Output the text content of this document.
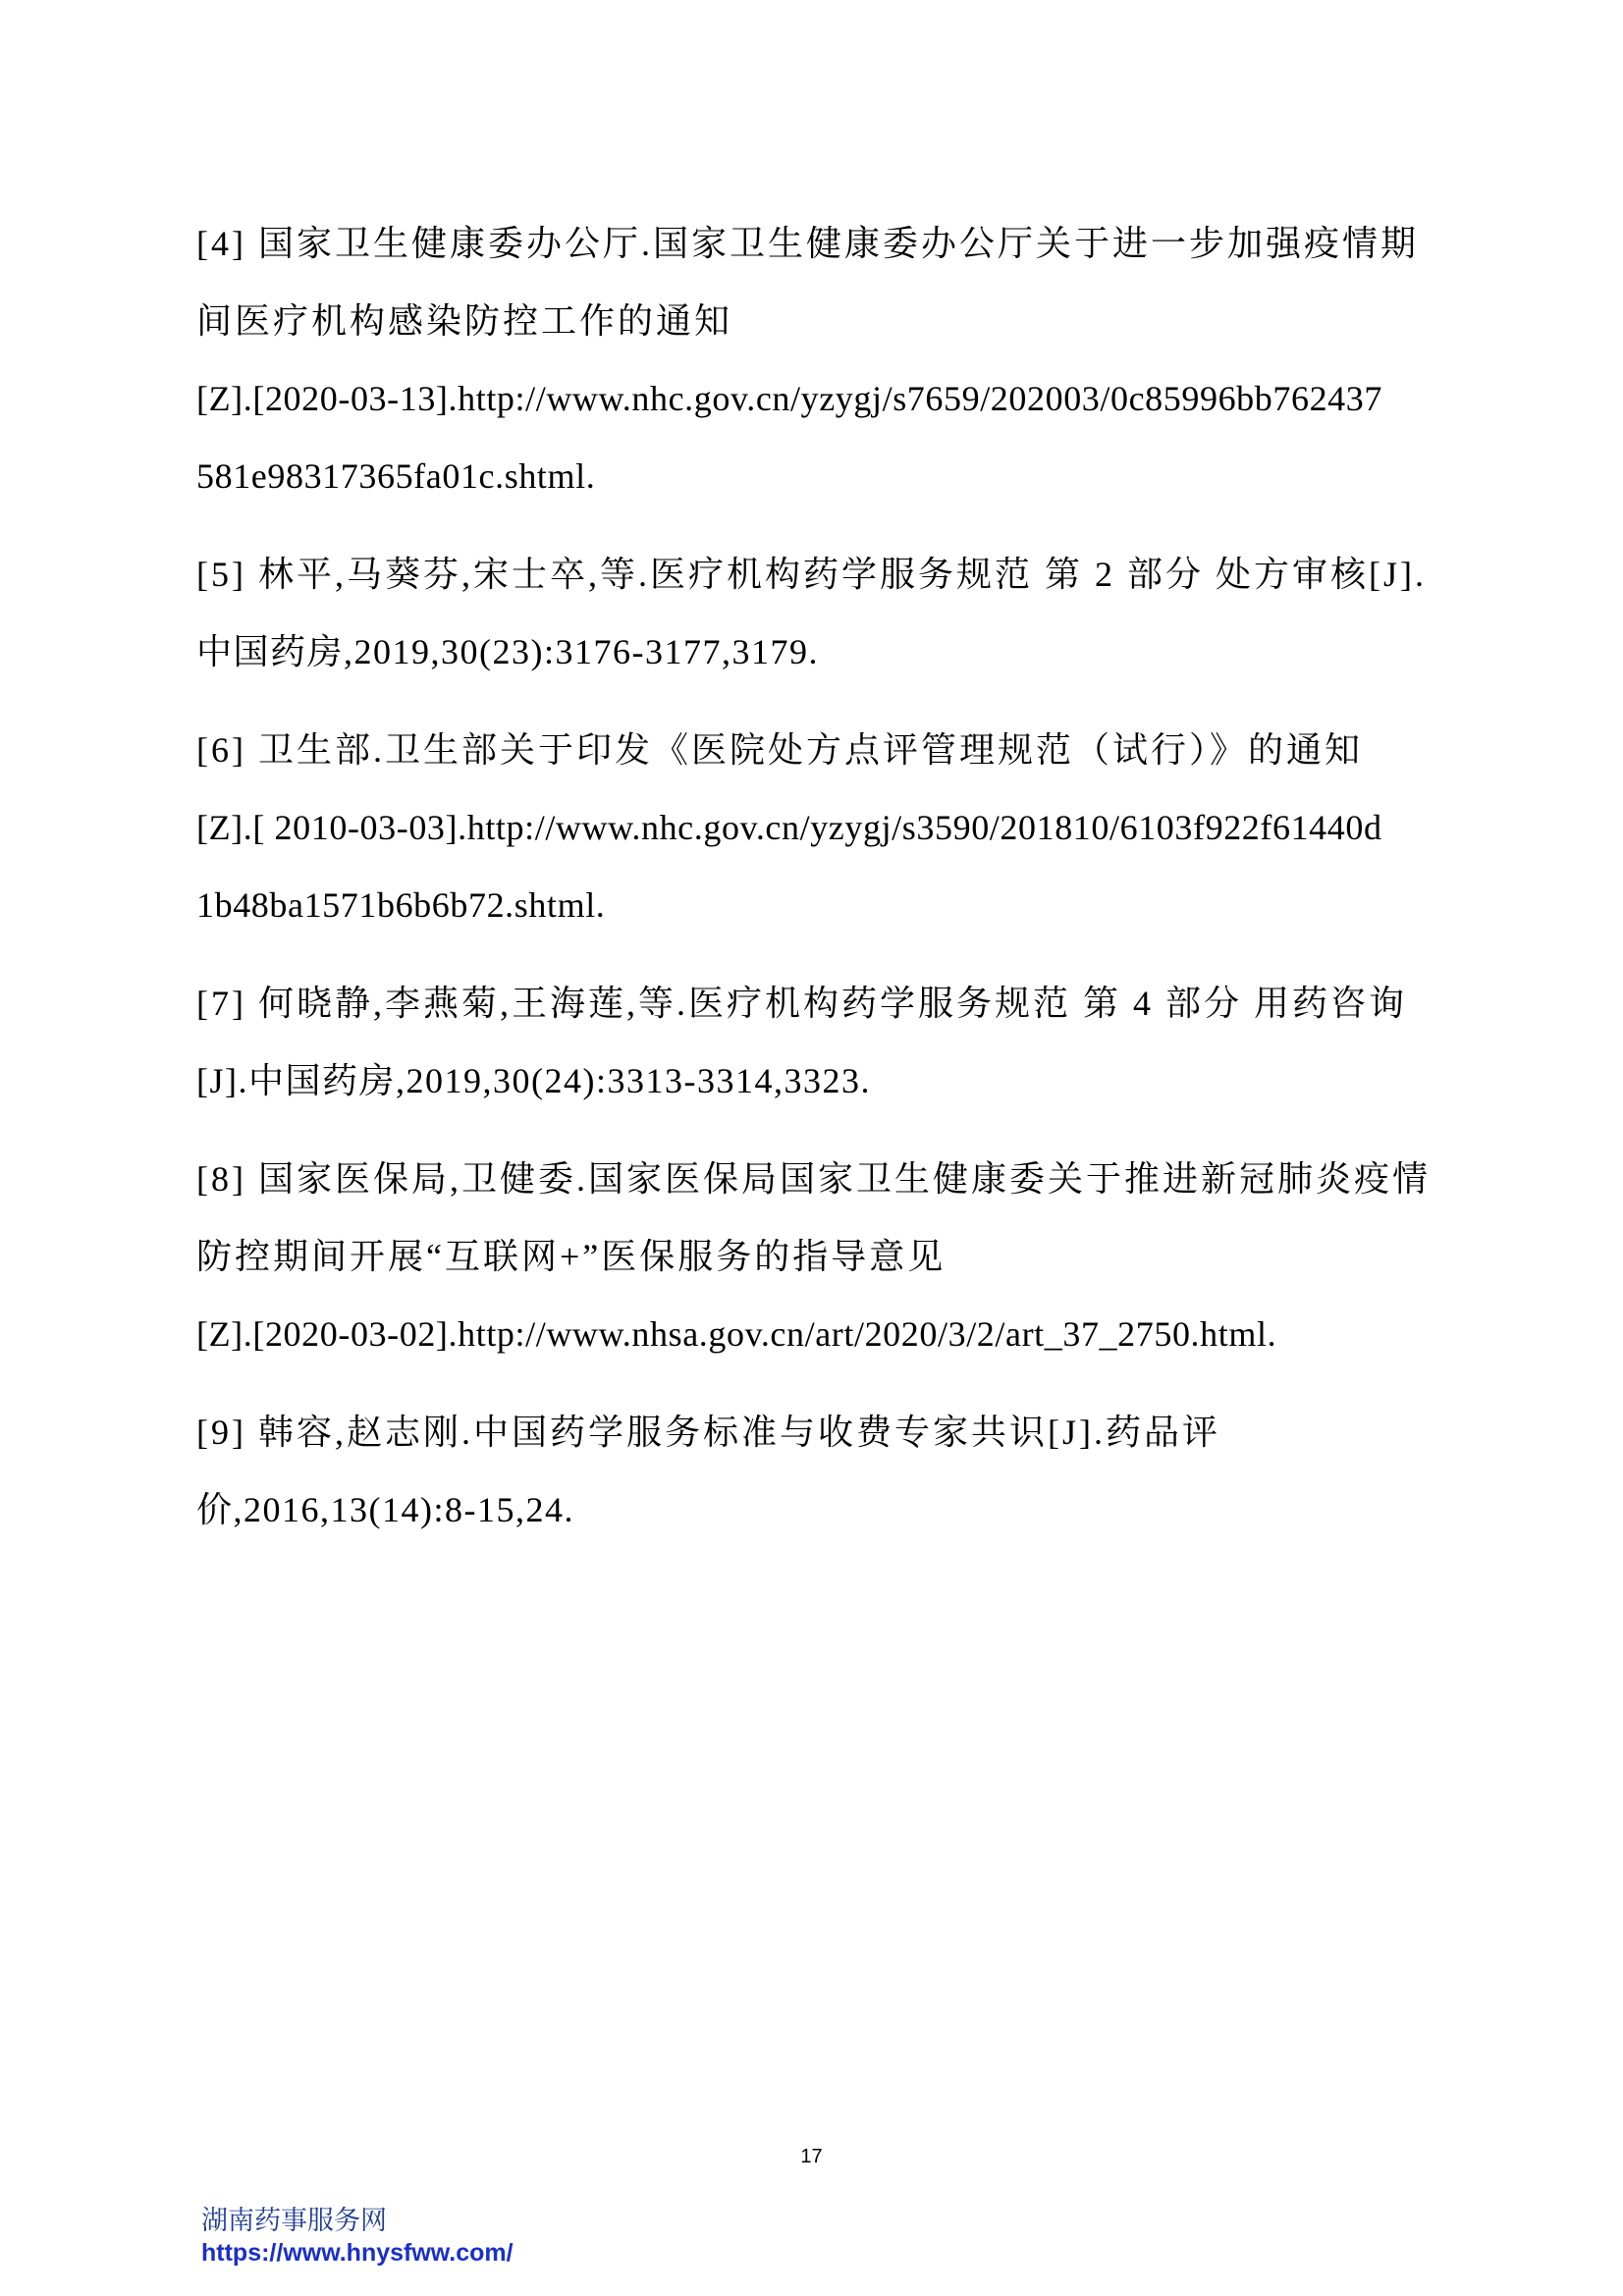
[4] 国家卫生健康委办公厅.国家卫生健康委办公厅关于进一步加强疫情期
间医疗机构感染防控工作的通知
[Z].[2020-03-13].http://www.nhc.gov.cn/yzygj/s7659/202003/0c85996bb762437
581e98317365fa01c.shtml.
[5] 林平,马葵芬,宋士卒,等.医疗机构药学服务规范 第 2 部分 处方审核[J].
中国药房,2019,30(23):3176-3177,3179.
[6] 卫生部.卫生部关于印发《医院处方点评管理规范（试行）》的通知
[Z].[ 2010-03-03].http://www.nhc.gov.cn/yzygj/s3590/201810/6103f922f61440d
1b48ba1571b6b6b72.shtml.
[7] 何晓静,李燕菊,王海莲,等.医疗机构药学服务规范 第 4 部分 用药咨询
[J].中国药房,2019,30(24):3313-3314,3323.
[8] 国家医保局,卫健委.国家医保局国家卫生健康委关于推进新冠肺炎疫情
防控期间开展“互联网+”医保服务的指导意见
[Z].[2020-03-02].http://www.nhsa.gov.cn/art/2020/3/2/art_37_2750.html.
[9] 韩容,赵志刚.中国药学服务标准与收费专家共识[J].药品评
价,2016,13(14):8-15,24.
17
湖南药事服务网
https://www.hnysfww.com/
